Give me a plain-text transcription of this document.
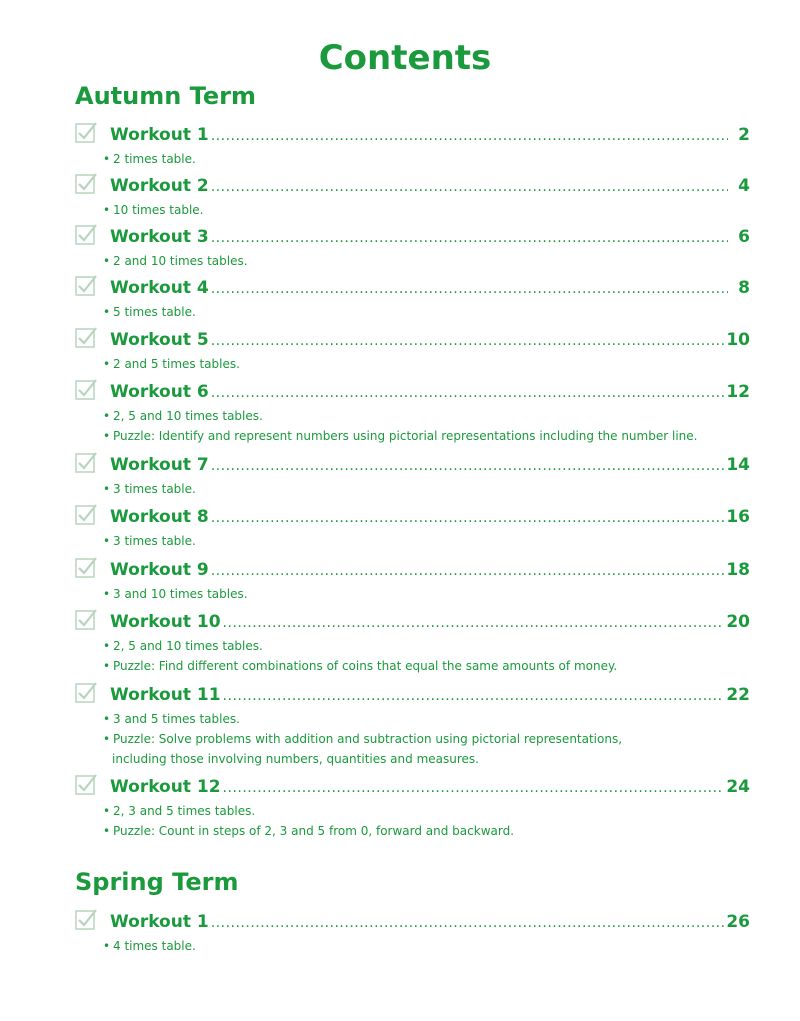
Contents
Autumn Term
Workout 1 .....	2
• 2 times table.
Workout 2 .....	4
• 10 times table.
Workout 3 .....	6
• 2 and 10 times tables.
Workout 4 .....	8
• 5 times table.
Workout 5 .....	10
• 2 and 5 times tables.
Workout 6 .....	12
• 2, 5 and 10 times tables.
• Puzzle: Identify and represent numbers using pictorial representations including the number line.
Workout 7 .....	14
• 3 times table.
Workout 8 .....	16
• 3 times table.
Workout 9 .....	18
• 3 and 10 times tables.
Workout 10 .....	20
• 2, 5 and 10 times tables.
• Puzzle: Find different combinations of coins that equal the same amounts of money.
Workout 11 .....	22
• 3 and 5 times tables.
• Puzzle: Solve problems with addition and subtraction using pictorial representations,
including those involving numbers, quantities and measures.
Workout 12 .....	24
• 2, 3 and 5 times tables.
• Puzzle: Count in steps of 2, 3 and 5 from 0, forward and backward.
Spring Term
Workout 1 .....	26
• 4 times table.
